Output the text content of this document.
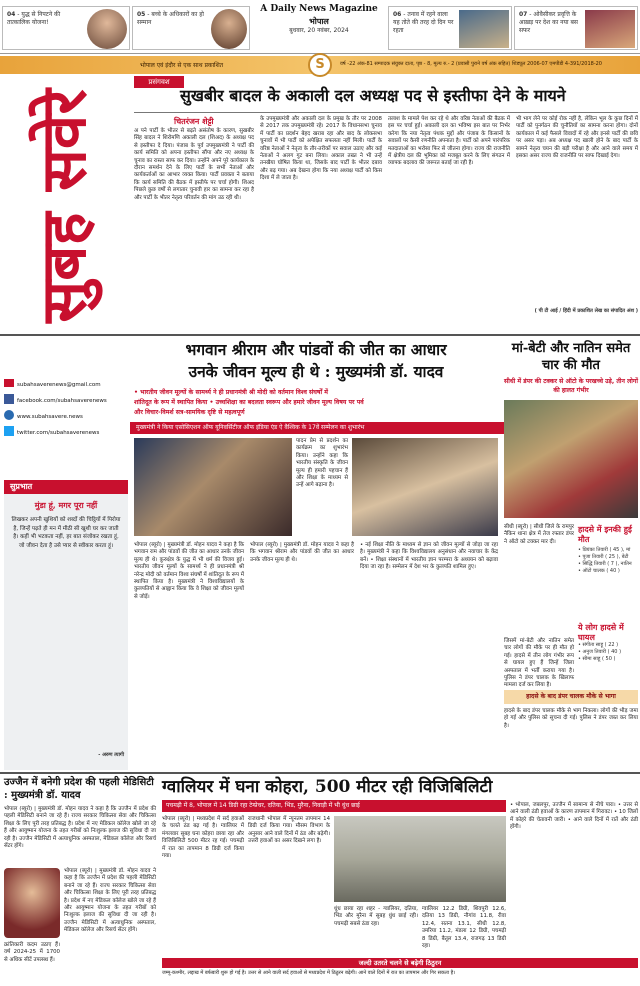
04 - युद्ध से निपटने की तात्कालिक योजना!
05 - बच्चे के अधिकारों का हो सम्मान
A Daily News Magazine
भोपाल
बुधवार, 20 नवंबर, 2024
06 - तनाव में रहने वाला यह तोते की तरह दो दिन पर रहता
07 - ओवैसीकर प्रवृत्ति के आख़ड़ पर देश का नया बस सफर
भोपाल एवं इंदौर से एक साथ प्रकाशित	S	वर्ष -22 अंक-81 सम्पादक संयुक्त दाता, पृष्ठ - 8, मूल्य रु.- 2 (प्रवासी पुराने वर्ष अंक सहित) शिड्यूल 2006-07 एमपीडी 4-391/2018-20
सुबह सवेरे
प्रसंगवश
सुखबीर बादल के अकाली दल अध्यक्ष पद से इस्तीफा देने के मायने
चितरंजन शेट्टी
अ पने पार्टी के भीतर से बढ़ते असंतोष के कारण, सुखबीर सिंह बादल ने शिरोमणि अकाली दल (शिअद) के अध्यक्ष पद से इस्तीफा दे दिया। पंजाब के पूर्व उपमुख्यमंत्री ने पार्टी की कार्य समिति को अपना इस्तीफा सौंपा और नए अध्यक्ष के चुनाव का रास्ता साफ कर दिया। उन्होंने अपने पूरे कार्यकाल के दौरान समर्थन देने के लिए पार्टी के सभी नेताओं और कार्यकर्ताओं का आभार व्यक्त किया। पार्टी प्रवक्ता ने बताया कि कार्य समिति की बैठक में इस्तीफे पर चर्चा होगी। शिअद पिछले कुछ वर्षों से लगातार चुनावी हार का सामना कर रहा है और पार्टी के भीतर नेतृत्व परिवर्तन की मांग उठ रही थी।
के उपमुख्यमंत्री और अकाली दल के प्रमुख के तौर पर 2008 से 2017 तक उपमुख्यमंत्री रहे। 2017 के विधानसभा चुनाव में पार्टी का प्रदर्शन बेहद खराब रहा और बाद के लोकसभा चुनावों में भी पार्टी को अपेक्षित सफलता नहीं मिली। पार्टी के वरिष्ठ नेताओं ने नेतृत्व के तौर-तरीकों पर सवाल उठाए और कई नेताओं ने अलग गुट बना लिया। अकाल तख्त ने भी उन्हें तनखैया घोषित किया था, जिसके बाद पार्टी के भीतर दबाव और बढ़ गया। अब देखना होगा कि नया अध्यक्ष पार्टी को किस दिशा में ले जाता है।
तलाश के मामले पेश कर रहे थे और वरिष्ठ नेताओं की बैठक में इस पर चर्चा हुई। अकाली दल का भविष्य इस बात पर निर्भर करेगा कि नया नेतृत्व पंथक मुद्दों और पंजाब के किसानों के सवालों पर कैसी रणनीति अपनाता है। पार्टी को अपने पारंपरिक मतदाताओं का भरोसा फिर से जीतना होगा। राज्य की राजनीति में क्षेत्रीय दल की भूमिका को मजबूत करने के लिए संगठन में व्यापक बदलाव की जरूरत बताई जा रही है।
भी भाग लेने पर कोई रोक नहीं है, लेकिन भूल के कुछ दिनों में पार्टी को पुनर्गठन की चुनौतियों का सामना करना होगा। दोनों कार्यकाल में कई फैसले विवादों में रहे और इनसे पार्टी की छवि पर असर पड़ा। अब अध्यक्ष पद खाली होने के बाद पार्टी के सामने नेतृत्व चयन की बड़ी परीक्षा है और आने वाले समय में इसका असर राज्य की राजनीति पर साफ दिखाई देगा।
( पी टी आई / हिंदी में प्रकाशित लेख का संपादित अंश )
subahsaverenews@gmail.com
facebook.com/subahsaverenews
www.subahsavere.news
twitter.com/subahsaverenews
सुप्रभात
मुंडा हूं, मगर पूरा नहीं
लिखकर अपनी खुशियों को शब्दों की चिट्ठियों में पिरोया है, जिन्हें पढ़ते ही मन में मीठी सी खुशी घर कर जाती है। कहीं भी भटकता नहीं, हर बात संजोकर रखता हूं, जो जीवन देता है उसे प्यार से स्वीकार करता हूं।
- अरुण त्यागी
भगवान श्रीराम और पांडवों की जीत का आधार
उनके जीवन मूल्य ही थे : मुख्यमंत्री डॉ. यादव
• भारतीय जीवन मूल्यों के सामर्थ्य ने ही प्रधानमंत्री श्री मोदी को वर्तमान विश्व संघर्षों में
शांतिदूत के रूप में स्थापित किया • उच्चशिक्षा का बदलता स्वरूप और हमारे जीवन मूल्य विषय पर पर्व
और विचार-विमर्श सत्र-सामयिक दृष्टि से महत्वपूर्ण
मुख्यमंत्री ने किया एसोसिएशन ऑफ यूनिवर्सिटीज ऑफ इंडिया एंड ऐ वैश्विक के 17वें सम्मेलन का शुभारंभ
पादन प्रेम से प्रदर्शन का कार्यक्रम का शुभारंभ किया। उन्होंने कहा कि भारतीय संस्कृति के जीवन मूल्य ही हमारी पहचान हैं और शिक्षा के माध्यम से उन्हें आगे बढ़ाना है।
भोपाल (ब्यूरो) | मुख्यमंत्री डॉ. मोहन यादव ने कहा है कि भगवान राम और पांडवों की जीत का आधार उनके जीवन मूल्य ही थे। कुरुक्षेत्र के युद्ध में भी धर्म की विजय हुई। भारतीय जीवन मूल्यों के सामर्थ्य ने ही प्रधानमंत्री श्री नरेन्द्र मोदी को वर्तमान विश्व संघर्षों में शांतिदूत के रूप में स्थापित किया है। मुख्यमंत्री ने विश्वविद्यालयों के कुलपतियों से आह्वान किया कि वे शिक्षा को जीवन मूल्यों से जोड़ें।
भोपाल (ब्यूरो) | मुख्यमंत्री डॉ. मोहन यादव ने कहा है कि भगवान श्रीराम और पांडवों की जीत का आधार उनके जीवन मूल्य ही थे।
• नई शिक्षा नीति के माध्यम से ज्ञान को जीवन मूल्यों से जोड़ा जा रहा है। मुख्यमंत्री ने कहा कि विश्वविद्यालय अनुसंधान और नवाचार के केंद्र बनें। • शिक्षा संस्थानों में भारतीय ज्ञान परम्परा के अध्ययन को बढ़ावा दिया जा रहा है। सम्मेलन में देश भर के कुलपति शामिल हुए।
मां-बेटी और नातिन समेत चार की मौत
सीधी में डंपर की टक्कर से ऑटो के परखच्चे उड़े, तीन लोगों की हालत गंभीर
सीधी (ब्यूरो) | सीधी जिले के रामपुर नैकिन थाना क्षेत्र में तेज रफ्तार डंपर ने ऑटो को टक्कर मार दी।
जिसमें मां-बेटी और नातिन समेत चार लोगों की मौके पर ही मौत हो गई। हादसे में तीन लोग गंभीर रूप से घायल हुए हैं जिन्हें जिला अस्पताल में भर्ती कराया गया है। पुलिस ने डंपर चालक के खिलाफ मामला दर्ज कर लिया है।
हादसे में इनकी हुई मौत
• प्रियंका तिवारी ( 45 ), मां
• पूजा तिवारी ( 25 ), बेटी
• सिद्धि तिवारी ( 7 ), नातिन
• ऑटो चालक ( 40 )
ये लोग हादसे में घायल
• संगीता साहू ( 22 )
• अनुज तिवारी ( 40 )
• सीमा साहू ( 50 )
हादसे के बाद डंपर चालक मौके से भागा
हादसे के बाद डंपर चालक मौके से भाग निकला। लोगों की भीड़ जमा हो गई और पुलिस को सूचना दी गई। पुलिस ने डंपर जब्त कर लिया है।
उज्जैन में बनेगी प्रदेश की पहली मेडिसिटी : मुख्यमंत्री डॉ. यादव
भोपाल (ब्यूरो) | मुख्यमंत्री डॉ. मोहन यादव ने कहा है कि उज्जैन में प्रदेश की पहली मेडिसिटी बनाने जा रहे हैं। राज्य सरकार चिकित्सा सेवा और चिकित्सा शिक्षा के लिए पूरी तरह प्रतिबद्ध है। प्रदेश में नए मेडिकल कॉलेज खोले जा रहे हैं और आयुष्मान योजना के तहत गरीबों को निःशुल्क इलाज की सुविधा दी जा रही है। उज्जैन मेडिसिटी में अत्याधुनिक अस्पताल, मेडिकल कॉलेज और रिसर्च सेंटर होंगे।
भोपाल (ब्यूरो) | मुख्यमंत्री डॉ. मोहन यादव ने कहा है कि उज्जैन में प्रदेश की पहली मेडिसिटी बनाने जा रहे हैं। राज्य सरकार चिकित्सा सेवा और चिकित्सा शिक्षा के लिए पूरी तरह प्रतिबद्ध है। प्रदेश में नए मेडिकल कॉलेज खोले जा रहे हैं और आयुष्मान योजना के तहत गरीबों को निःशुल्क इलाज की सुविधा दी जा रही है। उज्जैन मेडिसिटी में अत्याधुनिक अस्पताल, मेडिकल कॉलेज और रिसर्च सेंटर होंगे।
क्रांतिकारी कदम उठाए हैं। वर्ष 2024-25 में 1700 से अधिक सीटें उपलब्ध हैं।
ग्वालियर में घना कोहरा, 500 मीटर रही विजिबिलिटी
पचमढ़ी में 8, भोपाल में 14 डिग्री रहा टेम्प्रेचर, दतिया, भिंड, मुरैना, निवाड़ी में भी धुंध छाई
भोपाल (ब्यूरो) | मध्यप्रदेश में सर्द हवाओं के चलते ठंड बढ़ गई है। ग्वालियर में मंगलवार सुबह घना कोहरा छाया रहा और विजिबिलिटी 500 मीटर रह गई। पचमढ़ी में रात का तापमान 8 डिग्री दर्ज किया गया।
राजधानी भोपाल में न्यूनतम तापमान 14 डिग्री दर्ज किया गया। मौसम विभाग के अनुसार आने वाले दिनों में ठंड और बढ़ेगी। उत्तरी हवाओं का असर दिखने लगा है।
धुंध छाया रहा शहर - ग्वालियर, दतिया, भिंड और मुरैना में सुबह धुंध छाई रही। पचमढ़ी सबसे ठंडा रहा।
ग्वालियर 12.2 डिग्री, शिवपुरी 12.6, दतिया 13 डिग्री, नौगांव 11.8, रीवा 12.4, सतना 13.1, सीधी 12.8, उमरिया 11.2, मंडला 12 डिग्री, पचमढ़ी 8 डिग्री, बैतूल 13.4, राजगढ़ 13 डिग्री रहा।
• भोपाल, जबलपुर, उज्जैन में सामान्य से नीचे पारा। • उत्तर से आने वाली ठंडी हवाओं के कारण तापमान में गिरावट। • 10 जिलों में कोहरे की चेतावनी जारी। • आने वाले दिनों में रातें और ठंडी होंगी।
जल्दी उतरते चलने से बढ़ेगी ठिठुरन
जम्मू-कश्मीर, लद्दाख में बर्फबारी शुरू हो गई है। उत्तर से आने वाली सर्द हवाओं से मध्यप्रदेश में ठिठुरन बढ़ेगी। आने वाले दिनों में रात का तापमान और गिर सकता है।
